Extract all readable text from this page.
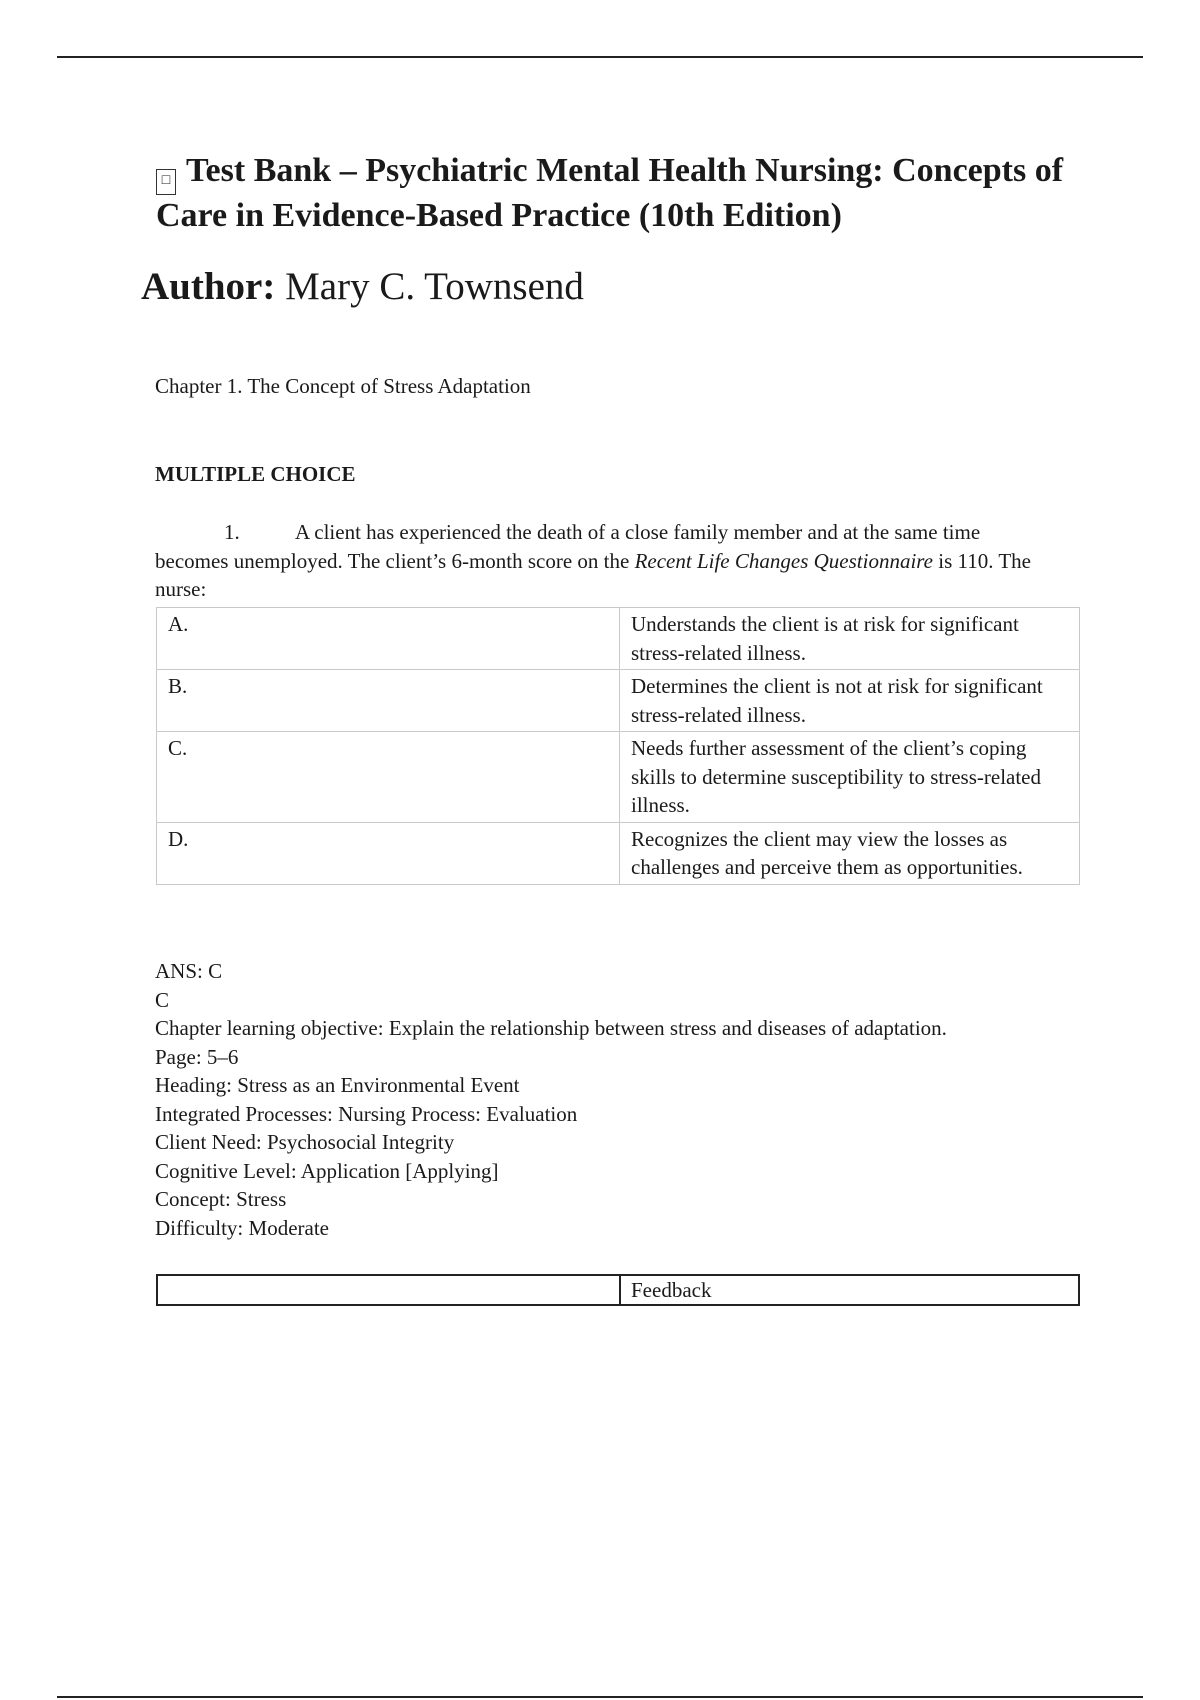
□ Test Bank – Psychiatric Mental Health Nursing: Concepts of Care in Evidence-Based Practice (10th Edition)

Author: Mary C. Townsend

Chapter 1. The Concept of Stress Adaptation

MULTIPLE CHOICE

1.	A client has experienced the death of a close family member and at the same time becomes unemployed. The client’s 6-month score on the Recent Life Changes Questionnaire is 110. The nurse:

A.	Understands the client is at risk for significant stress-related illness.
B.	Determines the client is not at risk for significant stress-related illness.
C.	Needs further assessment of the client’s coping skills to determine susceptibility to stress-related illness.
D.	Recognizes the client may view the losses as challenges and perceive them as opportunities.
ANS: C
C
Chapter learning objective: Explain the relationship between stress and diseases of adaptation.
Page: 5–6
Heading: Stress as an Environmental Event
Integrated Processes: Nursing Process: Evaluation
Client Need: Psychosocial Integrity
Cognitive Level: Application [Applying]
Concept: Stress
Difficulty: Moderate
	Feedback
